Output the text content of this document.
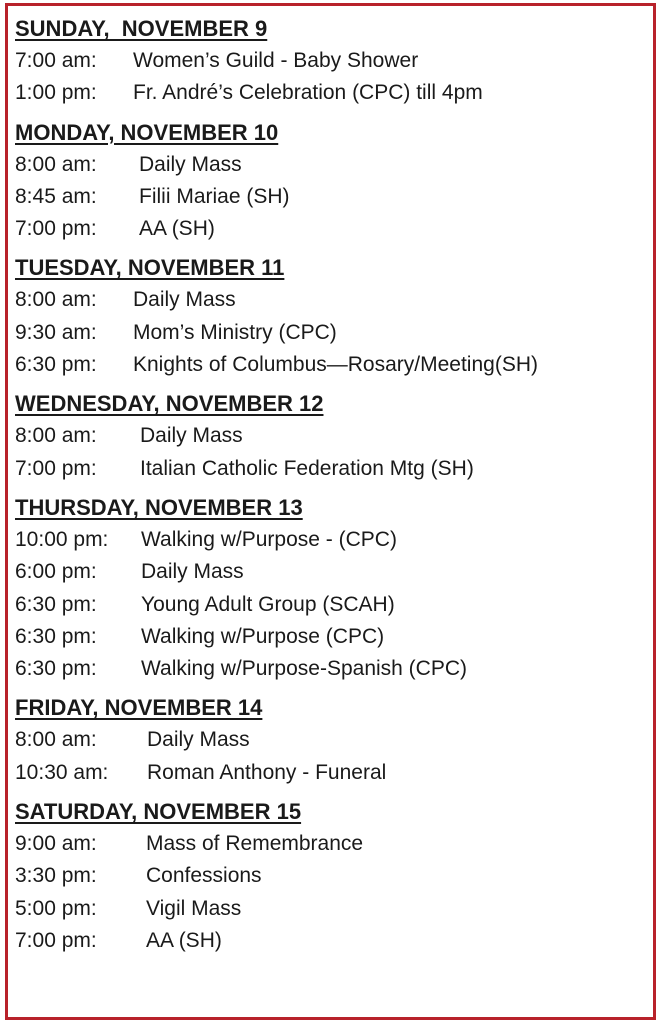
SUNDAY,  NOVEMBER 9
7:00 am:	Women’s Guild - Baby Shower
1:00 pm:	Fr. André’s Celebration (CPC) till 4pm
MONDAY, NOVEMBER 10
8:00 am:	Daily Mass
8:45 am:	Filii Mariae (SH)
7:00 pm:	AA (SH)
TUESDAY, NOVEMBER 11
8:00 am:	Daily Mass
9:30 am:	Mom’s Ministry (CPC)
6:30 pm:	Knights of Columbus—Rosary/Meeting(SH)
WEDNESDAY, NOVEMBER 12
8:00 am:	Daily Mass
7:00 pm:	Italian Catholic Federation Mtg (SH)
THURSDAY, NOVEMBER 13
10:00 pm:	Walking w/Purpose - (CPC)
6:00 pm:	Daily Mass
6:30 pm:	Young Adult Group (SCAH)
6:30 pm:	Walking w/Purpose (CPC)
6:30 pm:	Walking w/Purpose-Spanish (CPC)
FRIDAY, NOVEMBER 14
8:00 am:	Daily Mass
10:30 am:	Roman Anthony - Funeral
SATURDAY, NOVEMBER 15
9:00 am:	Mass of Remembrance
3:30 pm:	Confessions
5:00 pm:	Vigil Mass
7:00 pm:	AA (SH)
